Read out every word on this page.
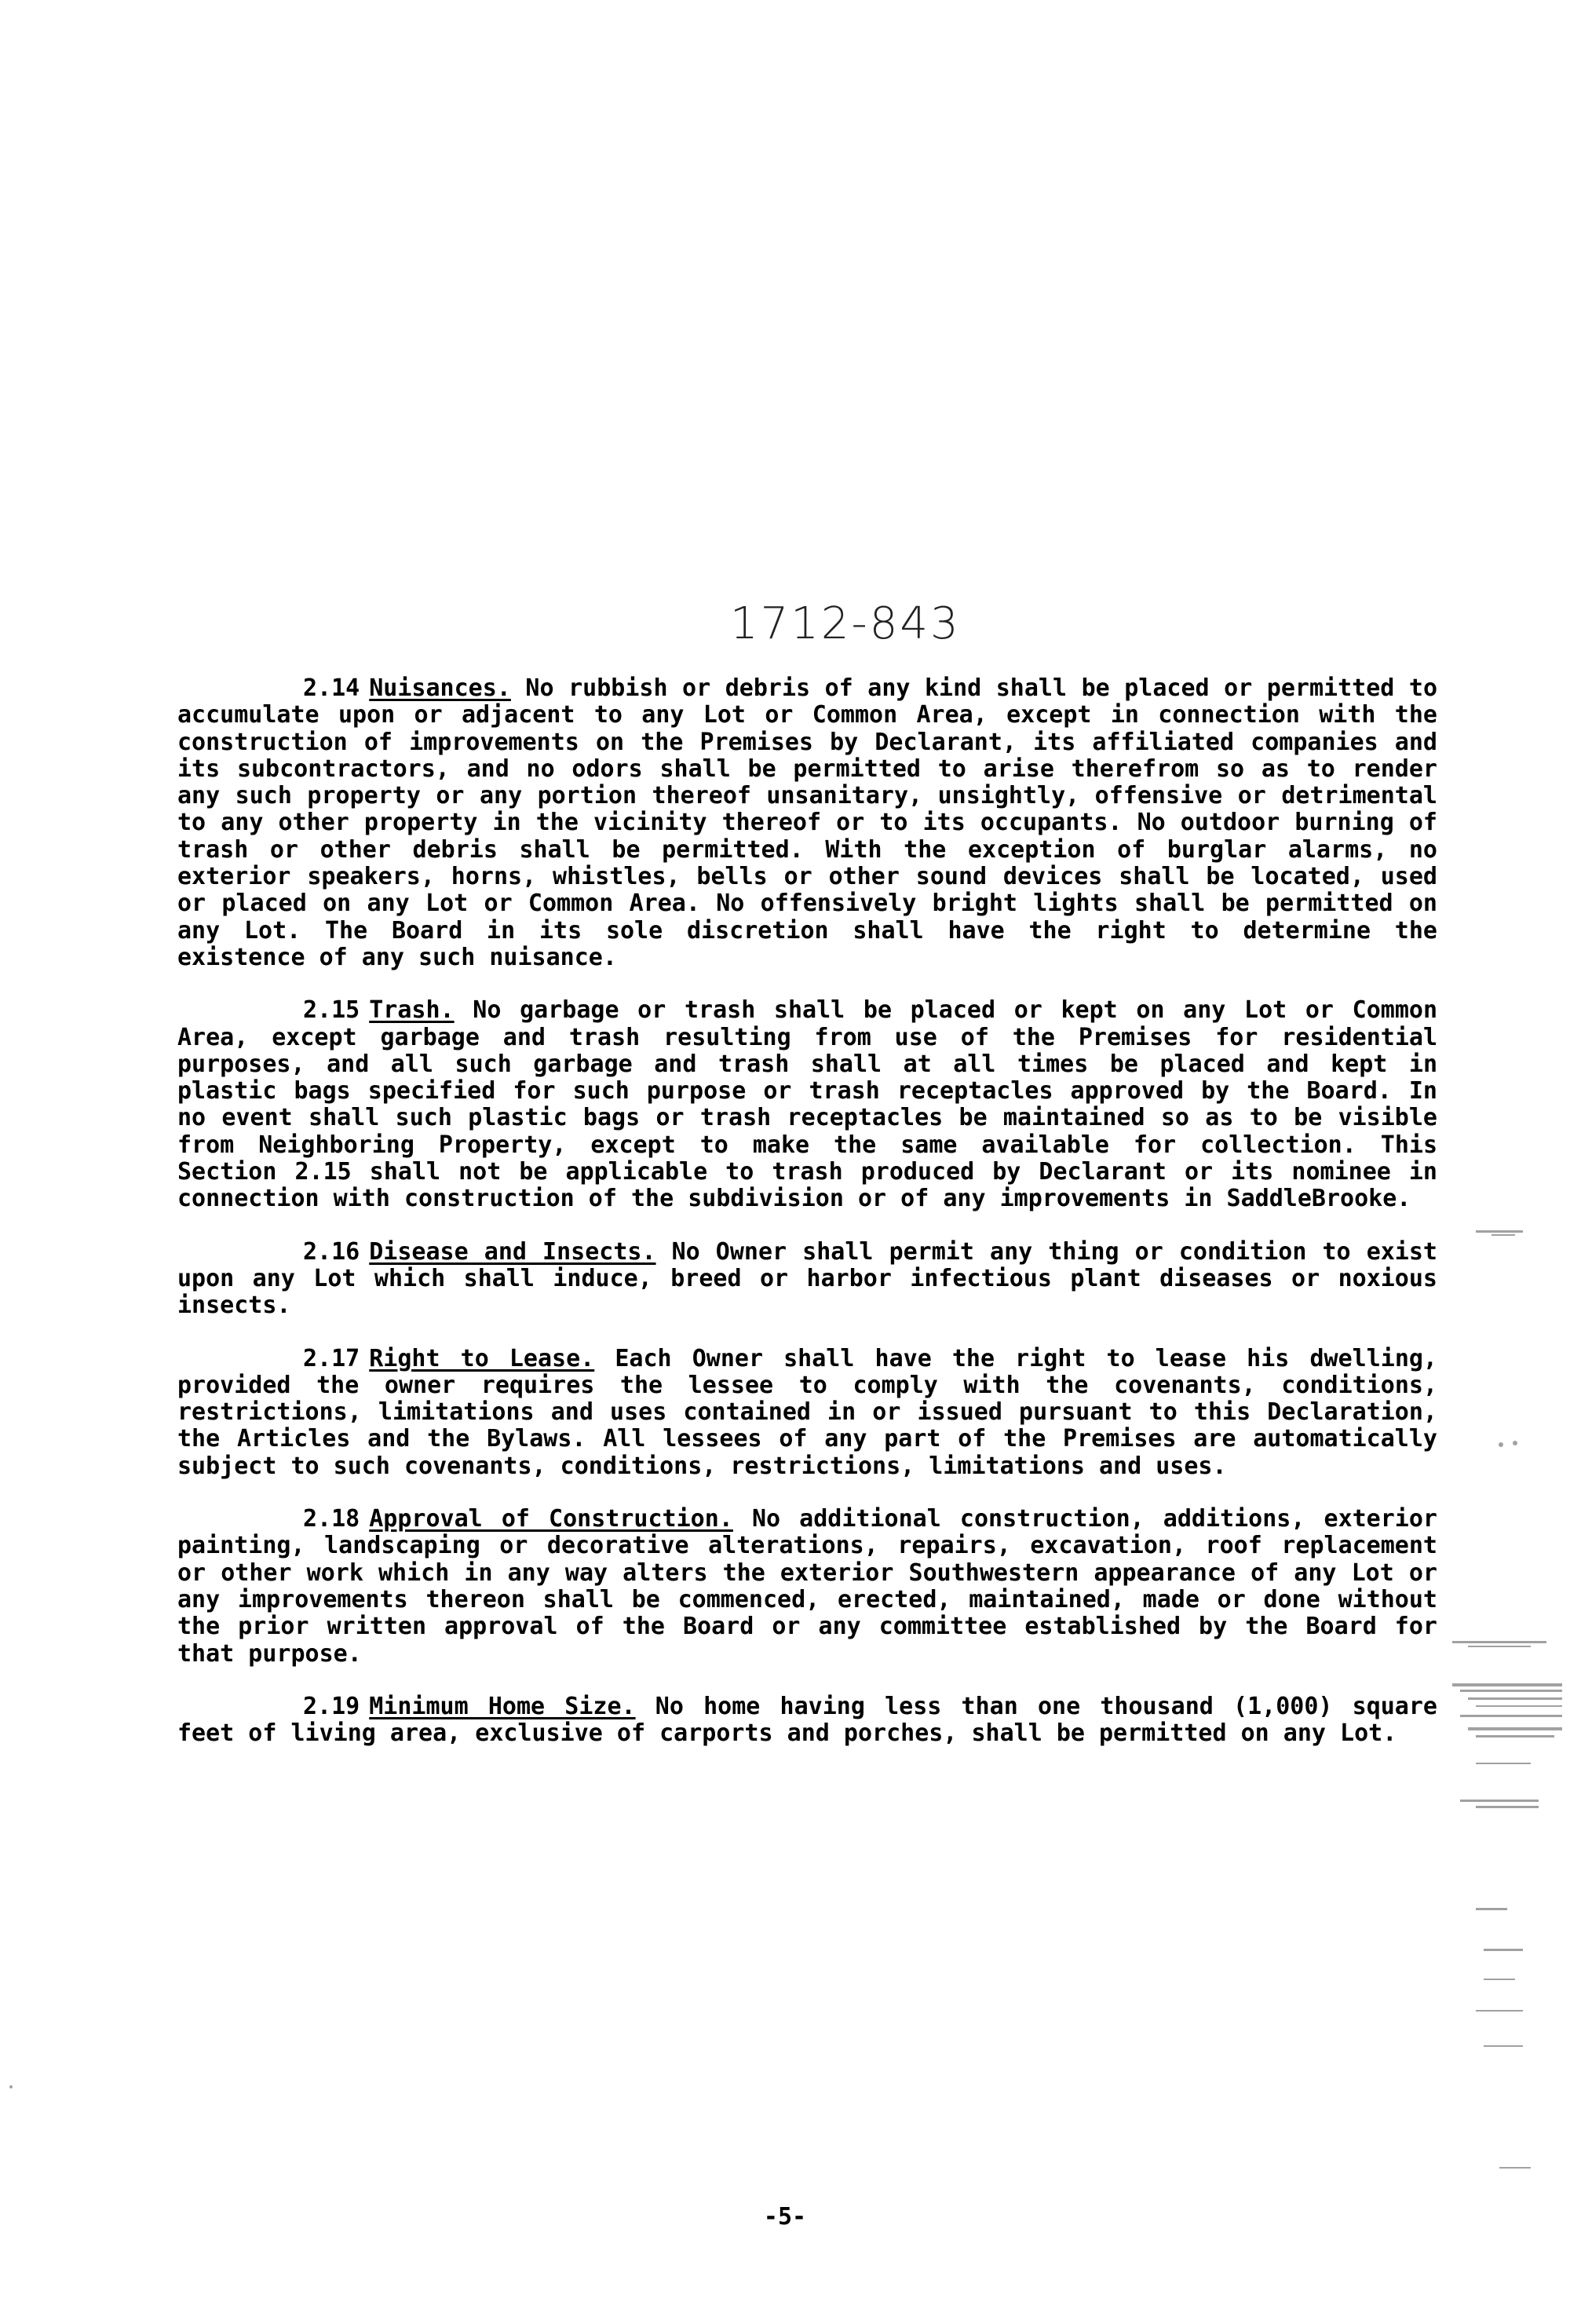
1712-843

2.14 Nuisances. No rubbish or debris of any kind shall be placed or permitted to accumulate upon or adjacent to any Lot or Common Area, except in connection with the construction of improvements on the Premises by Declarant, its affiliated companies and its subcontractors, and no odors shall be permitted to arise therefrom so as to render any such property or any portion thereof unsanitary, unsightly, offensive or detrimental to any other property in the vicinity thereof or to its occupants. No outdoor burning of trash or other debris shall be permitted. With the exception of burglar alarms, no exterior speakers, horns, whistles, bells or other sound devices shall be located, used or placed on any Lot or Common Area. No offensively bright lights shall be permitted on any Lot. The Board in its sole discretion shall have the right to determine the existence of any such nuisance.

2.15 Trash. No garbage or trash shall be placed or kept on any Lot or Common Area, except garbage and trash resulting from use of the Premises for residential purposes, and all such garbage and trash shall at all times be placed and kept in plastic bags specified for such purpose or trash receptacles approved by the Board. In no event shall such plastic bags or trash receptacles be maintained so as to be visible from Neighboring Property, except to make the same available for collection. This Section 2.15 shall not be applicable to trash produced by Declarant or its nominee in connection with construction of the subdivision or of any improvements in SaddleBrooke.

2.16 Disease and Insects. No Owner shall permit any thing or condition to exist upon any Lot which shall induce, breed or harbor infectious plant diseases or noxious insects.

2.17 Right to Lease. Each Owner shall have the right to lease his dwelling, provided the owner requires the lessee to comply with the covenants, conditions, restrictions, limitations and uses contained in or issued pursuant to this Declaration, the Articles and the Bylaws. All lessees of any part of the Premises are automatically subject to such covenants, conditions, restrictions, limitations and uses.

2.18 Approval of Construction. No additional construction, additions, exterior painting, landscaping or decorative alterations, repairs, excavation, roof replacement or other work which in any way alters the exterior Southwestern appearance of any Lot or any improvements thereon shall be commenced, erected, maintained, made or done without the prior written approval of the Board or any committee established by the Board for that purpose.

2.19 Minimum Home Size. No home having less than one thousand (1,000) square feet of living area, exclusive of carports and porches, shall be permitted on any Lot.

-5-
